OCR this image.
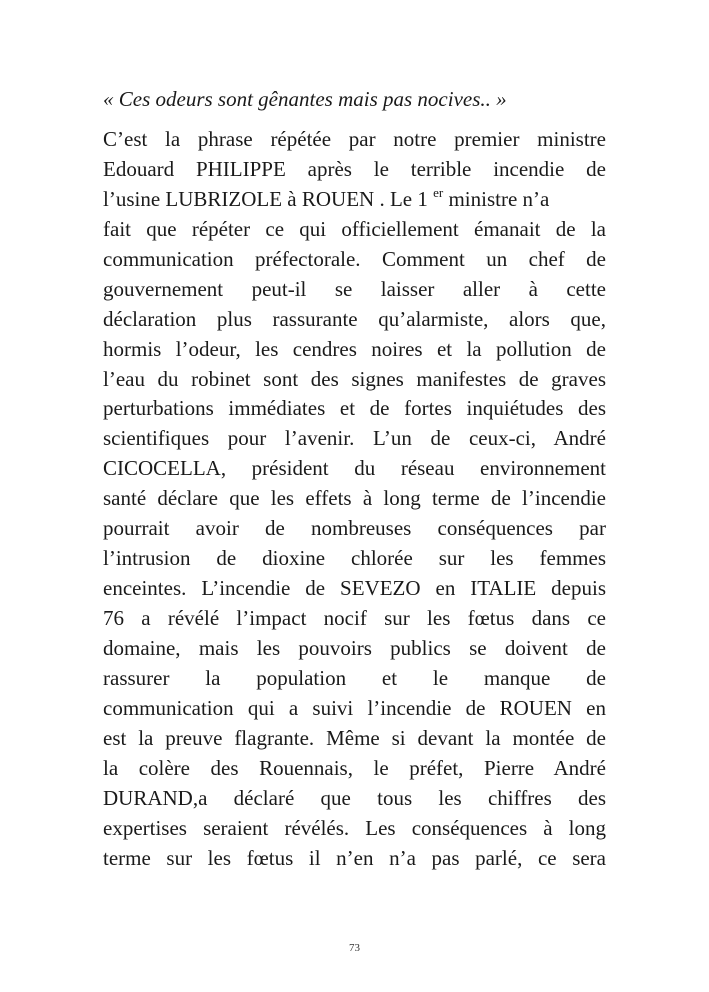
« Ces odeurs sont gênantes mais pas nocives.. »
C’est la phrase répétée par notre premier ministre
Edouard PHILIPPE après le terrible incendie de
l’usine LUBRIZOLE à ROUEN . Le 1 $^{er}$ ministre n’a
fait que répéter ce qui officiellement émanait de la
communication préfectorale. Comment un chef de
gouvernement peut-il se laisser aller à cette
déclaration plus rassurante qu’alarmiste, alors que,
hormis l’odeur, les cendres noires et la pollution de
l’eau du robinet sont des signes manifestes de graves
perturbations immédiates et de fortes inquiétudes des
scientifiques pour l’avenir. L’un de ceux-ci, André
CICOCELLA, président du réseau environnement
santé déclare que les effets à long terme de l’incendie
pourrait avoir de nombreuses conséquences par
l’intrusion de dioxine chlorée sur les femmes
enceintes. L’incendie de SEVEZO en ITALIE depuis
76 a révélé l’impact nocif sur les fœtus dans ce
domaine, mais les pouvoirs publics se doivent de
rassurer la population et le manque de
communication qui a suivi l’incendie de ROUEN en
est la preuve flagrante. Même si devant la montée de
la colère des Rouennais, le préfet, Pierre André
DURAND,a déclaré que tous les chiffres des
expertises seraient révélés. Les conséquences à long
terme sur les fœtus il n’en n’a pas parlé, ce sera
73
